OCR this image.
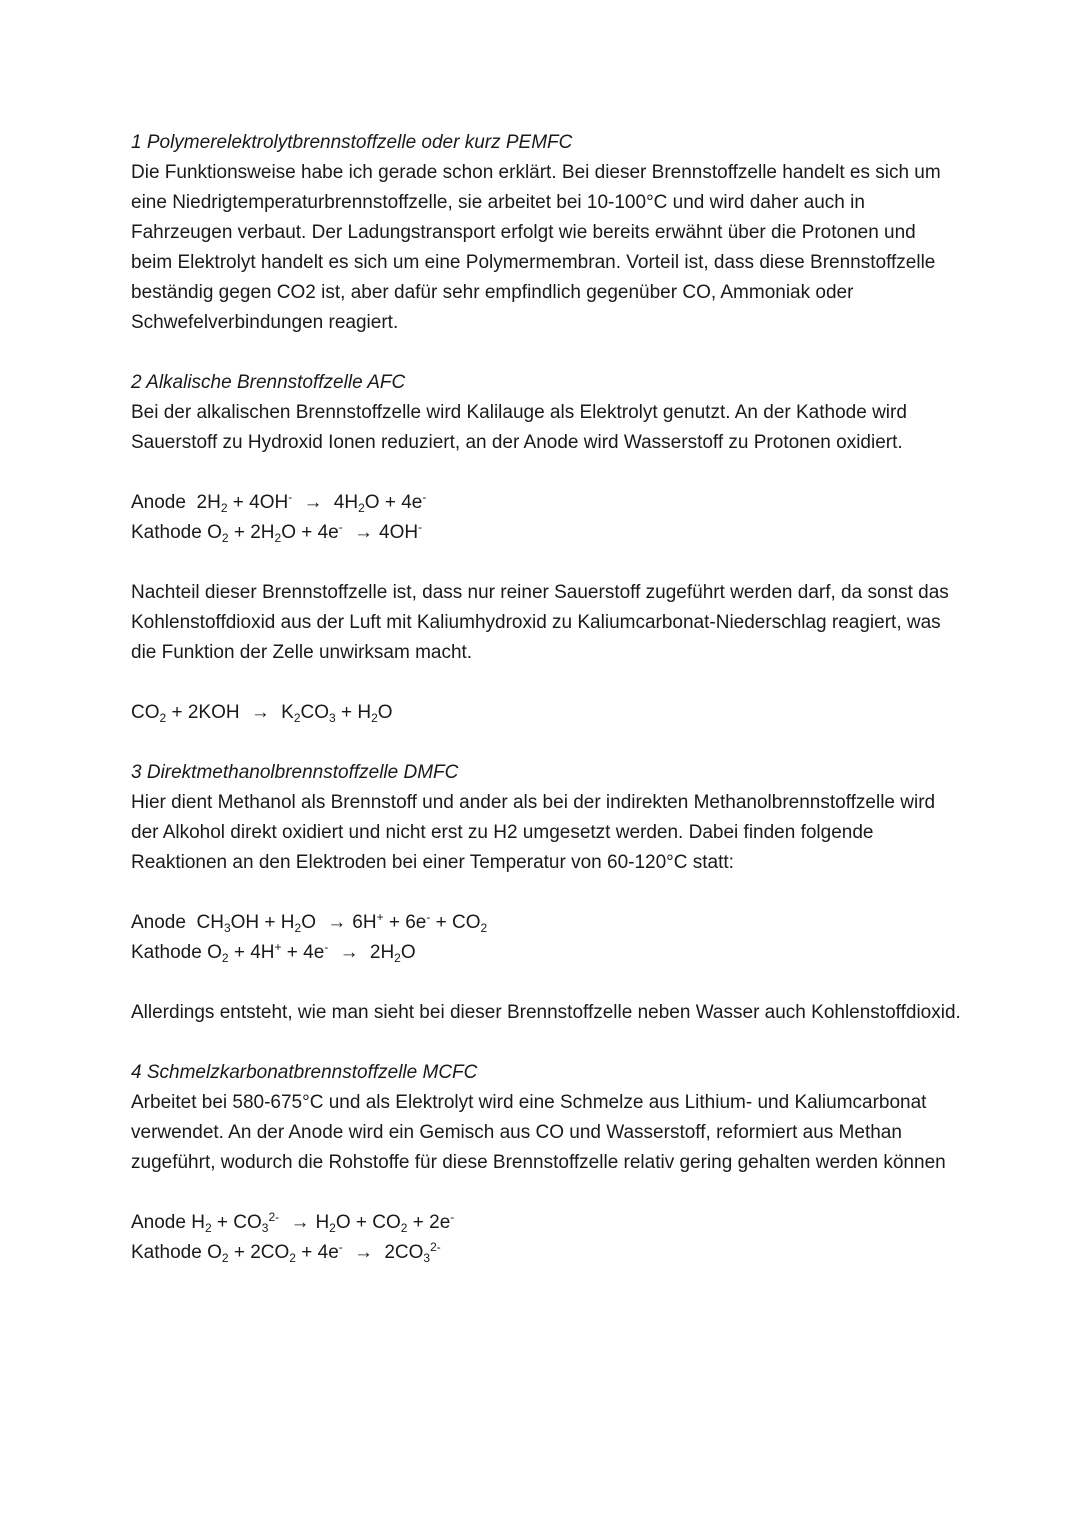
1 Polymerelektrolytbrennstoffzelle oder kurz PEMFC

Die Funktionsweise habe ich gerade schon erklärt. Bei dieser Brennstoffzelle handelt es sich um eine Niedrigtemperaturbrennstoffzelle, sie arbeitet bei 10-100°C und wird daher auch in Fahrzeugen verbaut. Der Ladungstransport erfolgt wie bereits erwähnt über die Protonen und beim Elektrolyt handelt es sich um eine Polymermembran. Vorteil ist, dass diese Brennstoffzelle beständig gegen CO2 ist, aber dafür sehr empfindlich gegenüber CO, Ammoniak oder Schwefelverbindungen reagiert.

2 Alkalische Brennstoffzelle AFC

Bei der alkalischen Brennstoffzelle wird Kalilauge als Elektrolyt genutzt. An der Kathode wird Sauerstoff zu Hydroxid Ionen reduziert, an der Anode wird Wasserstoff zu Protonen oxidiert.

Anode  $2H_2 + 4OH^- \to 4H_2O + 4e^-$
Kathode $O_2 + 2H_2O + 4e^- \to 4OH^-$

Nachteil dieser Brennstoffzelle ist, dass nur reiner Sauerstoff zugeführt werden darf, da sonst das Kohlenstoffdioxid aus der Luft mit Kaliumhydroxid zu Kaliumcarbonat-Niederschlag reagiert, was die Funktion der Zelle unwirksam macht.

$CO_2 + 2KOH \to K_2CO_3 + H_2O$

3 Direktmethanolbrennstoffzelle DMFC

Hier dient Methanol als Brennstoff und ander als bei der indirekten Methanolbrennstoffzelle wird der Alkohol direkt oxidiert und nicht erst zu H2 umgesetzt werden. Dabei finden folgende Reaktionen an den Elektroden bei einer Temperatur von 60-120°C statt:

Anode  $CH_3OH + H_2O \to 6H^+ + 6e^- + CO_2$
Kathode $O_2 + 4H^+ + 4e^- \to 2H_2O$

Allerdings entsteht, wie man sieht bei dieser Brennstoffzelle neben Wasser auch Kohlenstoffdioxid.

4 Schmelzkarbonatbrennstoffzelle MCFC

Arbeitet bei 580-675°C und als Elektrolyt wird eine Schmelze aus Lithium- und Kaliumcarbonat verwendet. An der Anode wird ein Gemisch aus CO und Wasserstoff, reformiert aus Methan zugeführt, wodurch die Rohstoffe für diese Brennstoffzelle relativ gering gehalten werden können

Anode $H_2 + CO_3^{2-} \to H_2O + CO_2 + 2e^-$
Kathode $O_2 + 2CO_2 + 4e^- \to 2CO_3^{2-}$
